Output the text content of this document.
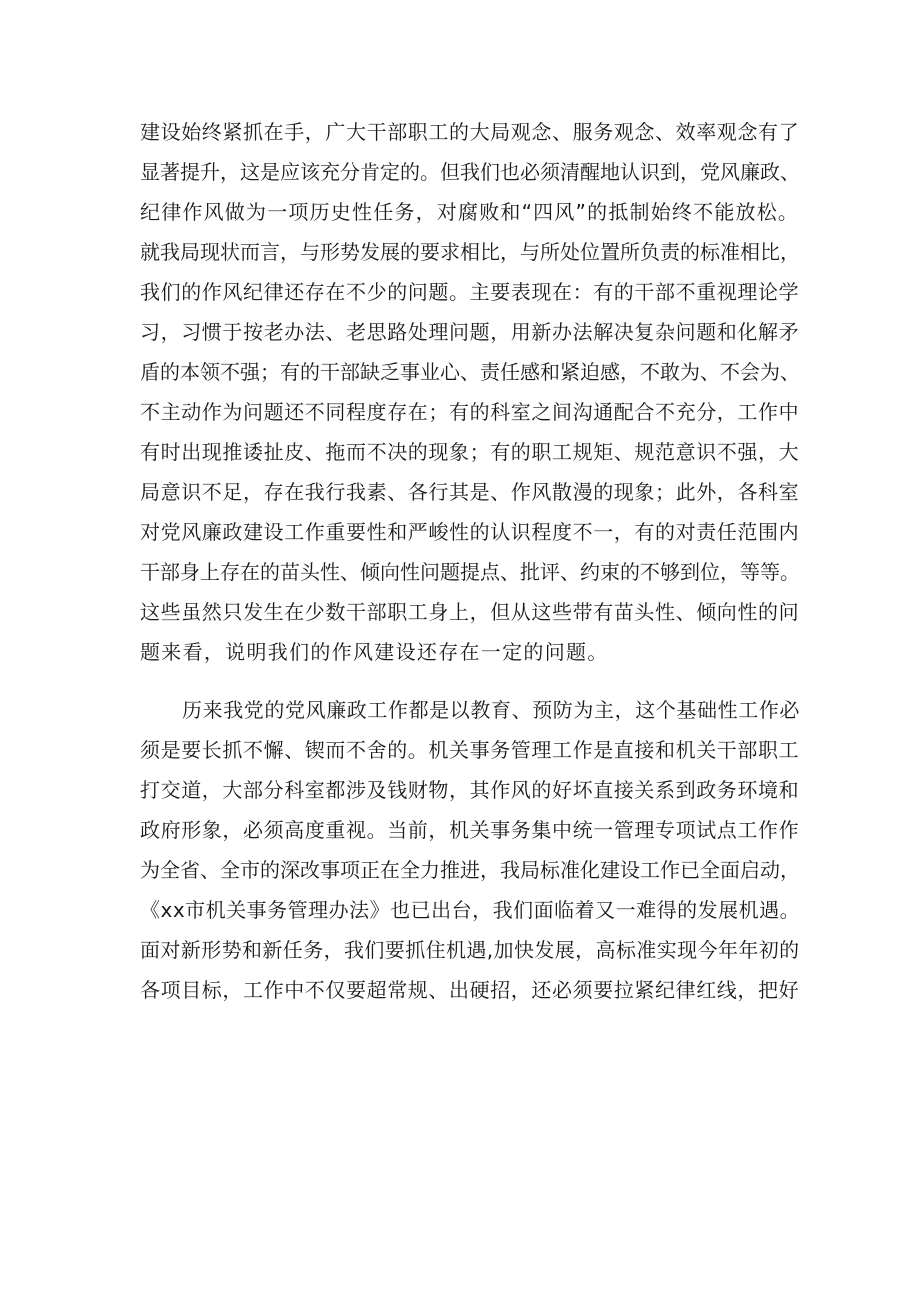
建设始终紧抓在手，广大干部职工的大局观念、服务观念、效率观念有了
显著提升，这是应该充分肯定的。但我们也必须清醒地认识到，党风廉政、
纪律作风做为一项历史性任务，对腐败和“四风”的抵制始终不能放松。
就我局现状而言，与形势发展的要求相比，与所处位置所负责的标准相比，
我们的作风纪律还存在不少的问题。主要表现在：有的干部不重视理论学
习，习惯于按老办法、老思路处理问题，用新办法解决复杂问题和化解矛
盾的本领不强；有的干部缺乏事业心、责任感和紧迫感，不敢为、不会为、
不主动作为问题还不同程度存在；有的科室之间沟通配合不充分，工作中
有时出现推诿扯皮、拖而不决的现象；有的职工规矩、规范意识不强，大
局意识不足，存在我行我素、各行其是、作风散漫的现象；此外，各科室
对党风廉政建设工作重要性和严峻性的认识程度不一，有的对责任范围内
干部身上存在的苗头性、倾向性问题提点、批评、约束的不够到位，等等。
这些虽然只发生在少数干部职工身上，但从这些带有苗头性、倾向性的问
题来看，说明我们的作风建设还存在一定的问题。
历来我党的党风廉政工作都是以教育、预防为主，这个基础性工作必
须是要长抓不懈、锲而不舍的。机关事务管理工作是直接和机关干部职工
打交道，大部分科室都涉及钱财物，其作风的好坏直接关系到政务环境和
政府形象，必须高度重视。当前，机关事务集中统一管理专项试点工作作
为全省、全市的深改事项正在全力推进，我局标准化建设工作已全面启动，
《xx市机关事务管理办法》也已出台，我们面临着又一难得的发展机遇。
面对新形势和新任务，我们要抓住机遇,加快发展，高标准实现今年年初的
各项目标，工作中不仅要超常规、出硬招，还必须要拉紧纪律红线，把好
